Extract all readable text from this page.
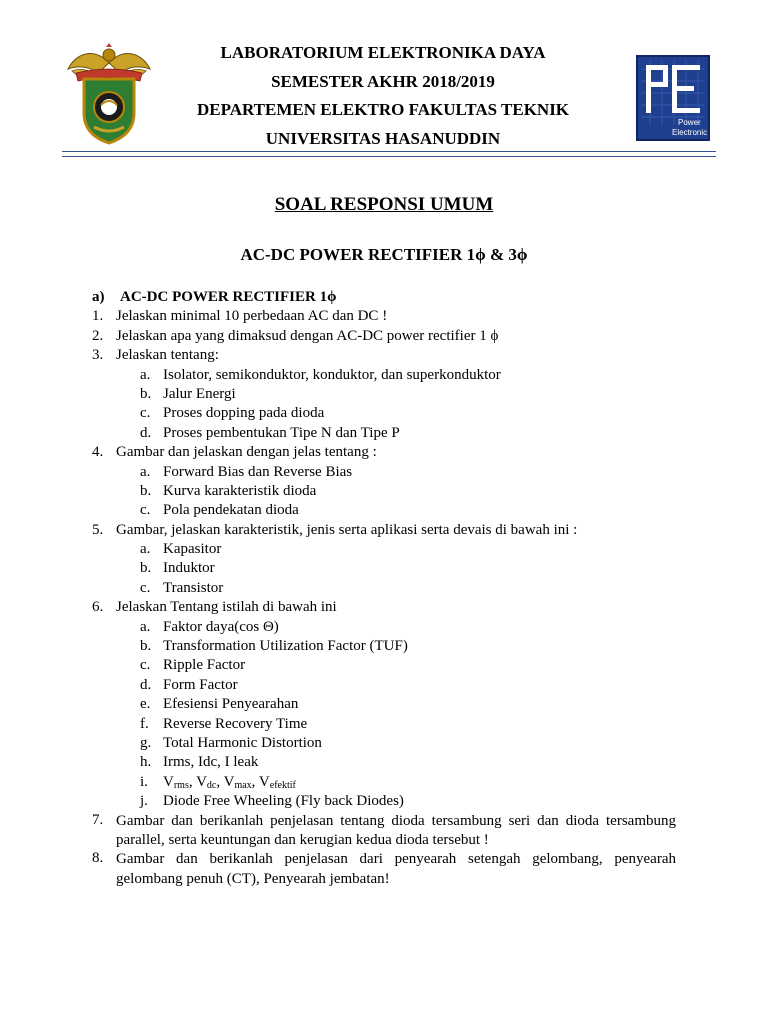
LABORATORIUM ELEKTRONIKA DAYA
SEMESTER AKHR 2018/2019
DEPARTEMEN ELEKTRO FAKULTAS TEKNIK
UNIVERSITAS HASANUDDIN
Power
Electronic
SOAL RESPONSI UMUM
AC-DC POWER RECTIFIER 1ϕ & 3ϕ
a) AC-DC POWER RECTIFIER 1ϕ
1. Jelaskan minimal 10 perbedaan AC dan DC !
2. Jelaskan apa yang dimaksud dengan AC-DC power rectifier 1 ϕ
3. Jelaskan tentang:
a. Isolator, semikonduktor, konduktor, dan superkonduktor
b. Jalur Energi
c. Proses dopping pada dioda
d. Proses pembentukan Tipe N dan Tipe P
4. Gambar dan jelaskan dengan jelas tentang :
a. Forward Bias dan Reverse Bias
b. Kurva karakteristik dioda
c. Pola pendekatan dioda
5. Gambar, jelaskan karakteristik, jenis serta aplikasi serta devais di bawah ini :
a. Kapasitor
b. Induktor
c. Transistor
6. Jelaskan Tentang istilah di bawah ini
a. Faktor daya(cos Θ)
b. Transformation Utilization Factor (TUF)
c. Ripple Factor
d. Form Factor
e. Efesiensi Penyearahan
f. Reverse Recovery Time
g. Total Harmonic Distortion
h. Irms, Idc, I leak
i. $V_{rms}$, $V_{dc}$, $V_{max}$, $V_{efektif}$
j. Diode Free Wheeling (Fly back Diodes)
7. Gambar dan berikanlah penjelasan tentang dioda tersambung seri dan dioda tersambung parallel, serta keuntungan dan kerugian kedua dioda tersebut !
8. Gambar dan berikanlah penjelasan dari penyearah setengah gelombang, penyearah gelombang penuh (CT), Penyearah jembatan!
